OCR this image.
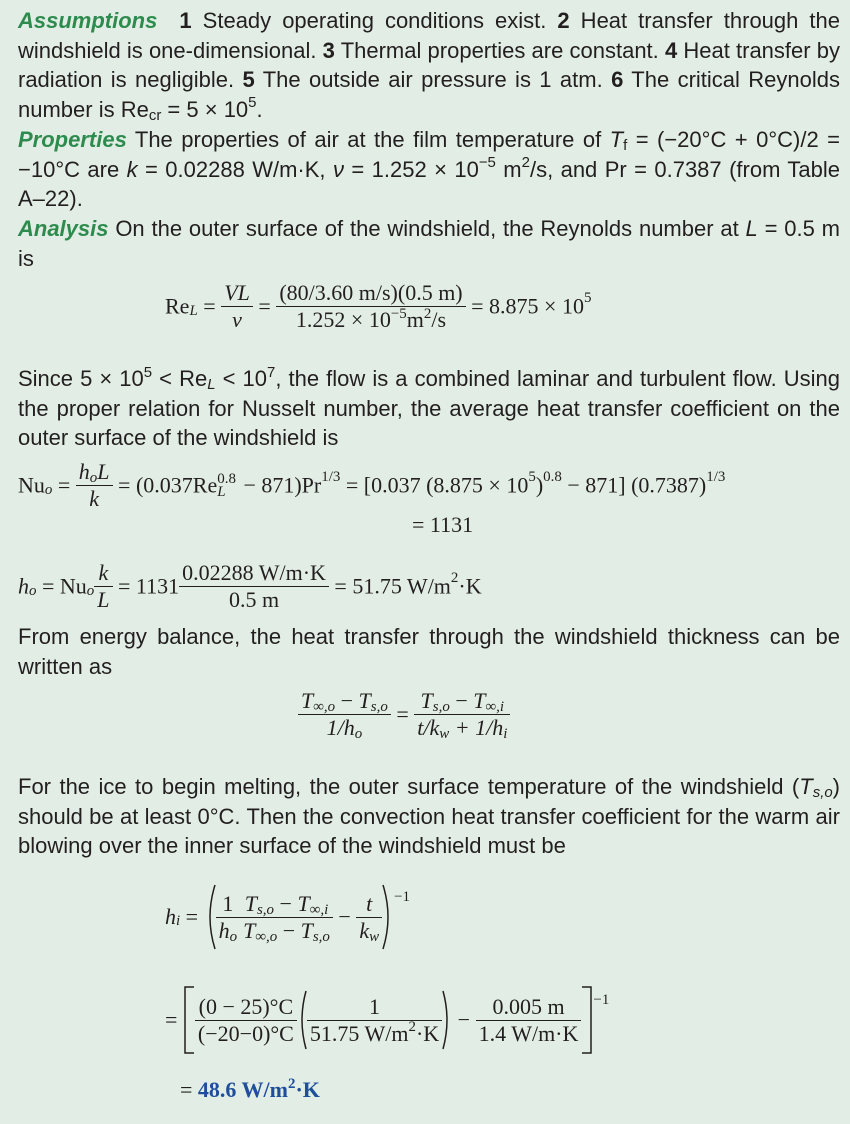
Assumptions 1 Steady operating conditions exist. 2 Heat transfer through the windshield is one-dimensional. 3 Thermal properties are constant. 4 Heat transfer by radiation is negligible. 5 The outside air pressure is 1 atm. 6 The critical Reynolds number is $Re_{cr} = 5 \times 10^5$.
Properties The properties of air at the film temperature of $T_f = (-20^\circ C + 0^\circ C)/2 = -10^\circ C$ are k = 0.02288 W/m·K, $\nu = 1.252 \times 10^{-5}$ $m^2/s$, and Pr = 0.7387 (from Table A–22).
Analysis On the outer surface of the windshield, the Reynolds number at L = 0.5 m is
$Re_L = \frac{VL}{\nu} = \frac{(80/3.60 m/s)(0.5 m)}{1.252 \times 10^{-5}m^2/s} = 8.875 \times 10^5$
Since $5 \times 10^5 < Re_L < 10^7$, the flow is a combined laminar and turbulent flow. Using the proper relation for Nusselt number, the average heat transfer coefficient on the outer surface of the windshield is
$Nu_o = \frac{h_oL}{k} = (0.037Re$ 0.8
$L - 871)Pr^{1/3} = [0.037$ $(8.875 \times 10^5)^{0.8} - 871$] $(0.7387)^{1/3}$
= 1131
$h_o = Nu_o \frac{k}{L} = 1131 \frac{0.02288 W/m\cdot K}{0.5 m} = 51.75$ $W/m^2\cdot K$
From energy balance, the heat transfer through the windshield thickness can be written as
$\frac{T_{\infty,o} - T_{s,o}}{1/h_o} = \frac{T_{s,o} - T_{\infty,i}}{t/k_w + 1/h_i}$
For the ice to begin melting, the outer surface temperature of the windshield $(T_{s,o})$ should be at least 0°C. Then the convection heat transfer coefficient for the warm air blowing over the inner surface of the windshield must be
$h_i = \frac{1}{h_o} \frac{T_{s,o} - T_{\infty,i}}{T_{\infty,o} - T_{s,o}} - \frac{t}{k_w} ^{-1}$
= $\frac{(0 - 25)^\circ C}{(-20-0)^\circ C} \frac{1}{51.75 W/m^2\cdot K} - \frac{0.005 m}{1.4 W/m\cdot K} ^{-1}$
= 48.6 $W/m^2\cdot K$
